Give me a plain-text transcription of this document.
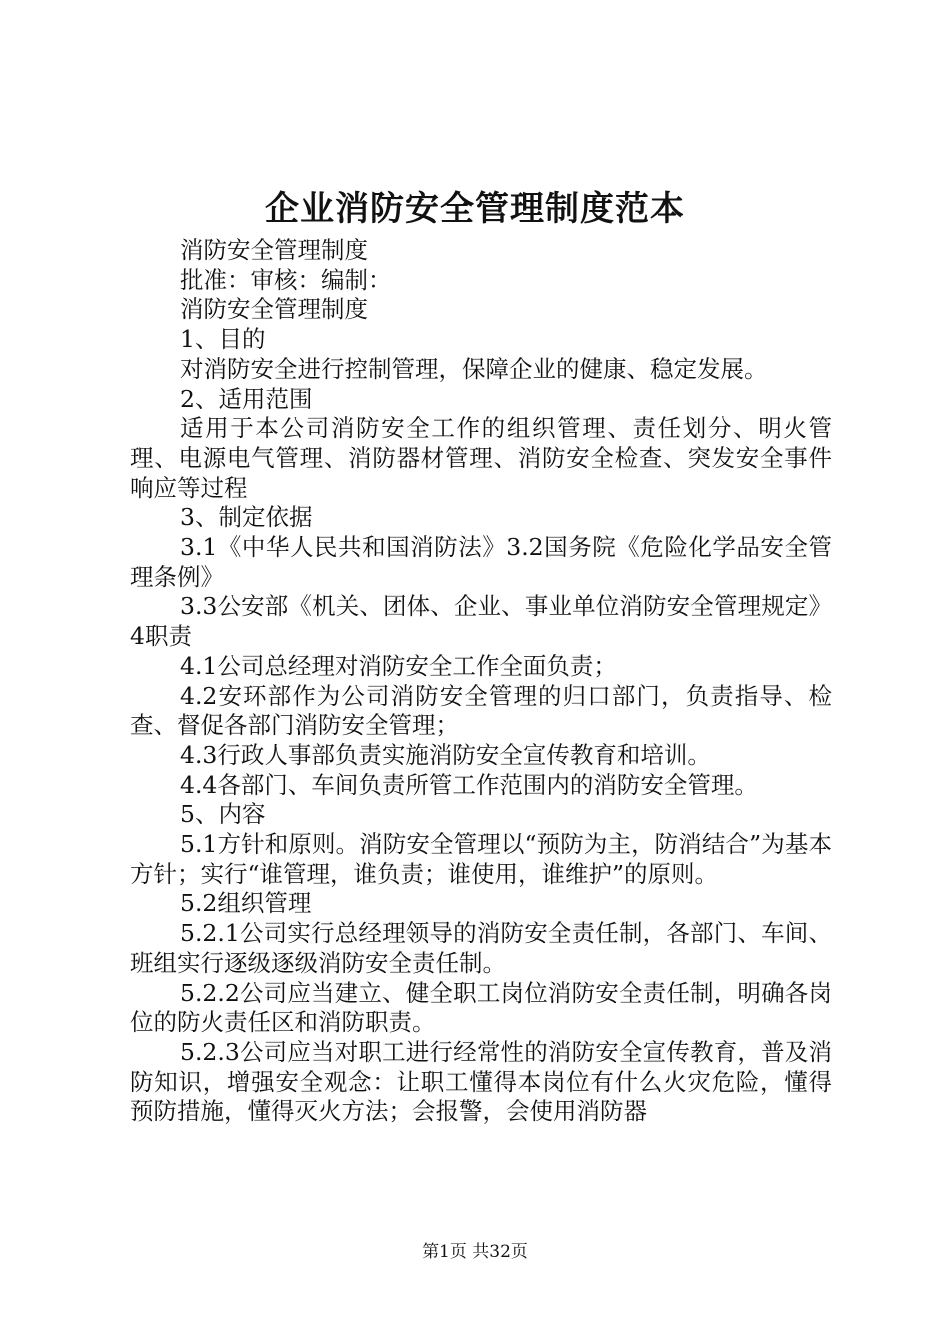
企业消防安全管理制度范本

消防安全管理制度

批准：审核：编制：

消防安全管理制度

1、目的

对消防安全进行控制管理，保障企业的健康、稳定发展。

2、适用范围

适用于本公司消防安全工作的组织管理、责任划分、明火管理、电源电气管理、消防器材管理、消防安全检查、突发安全事件响应等过程

3、制定依据

3.1《中华人民共和国消防法》3.2国务院《危险化学品安全管理条例》

3.3公安部《机关、团体、企业、事业单位消防安全管理规定》4职责

4.1公司总经理对消防安全工作全面负责；

4.2安环部作为公司消防安全管理的归口部门，负责指导、检查、督促各部门消防安全管理；

4.3行政人事部负责实施消防安全宣传教育和培训。

4.4各部门、车间负责所管工作范围内的消防安全管理。

5、内容

5.1方针和原则。消防安全管理以“预防为主，防消结合”为基本方针；实行“谁管理，谁负责；谁使用，谁维护”的原则。

5.2组织管理

5.2.1公司实行总经理领导的消防安全责任制，各部门、车间、班组实行逐级逐级消防安全责任制。

5.2.2公司应当建立、健全职工岗位消防安全责任制，明确各岗位的防火责任区和消防职责。

5.2.3公司应当对职工进行经常性的消防安全宣传教育，普及消防知识，增强安全观念：让职工懂得本岗位有什么火灾危险，懂得预防措施，懂得灭火方法；会报警，会使用消防器

第1页 共32页
